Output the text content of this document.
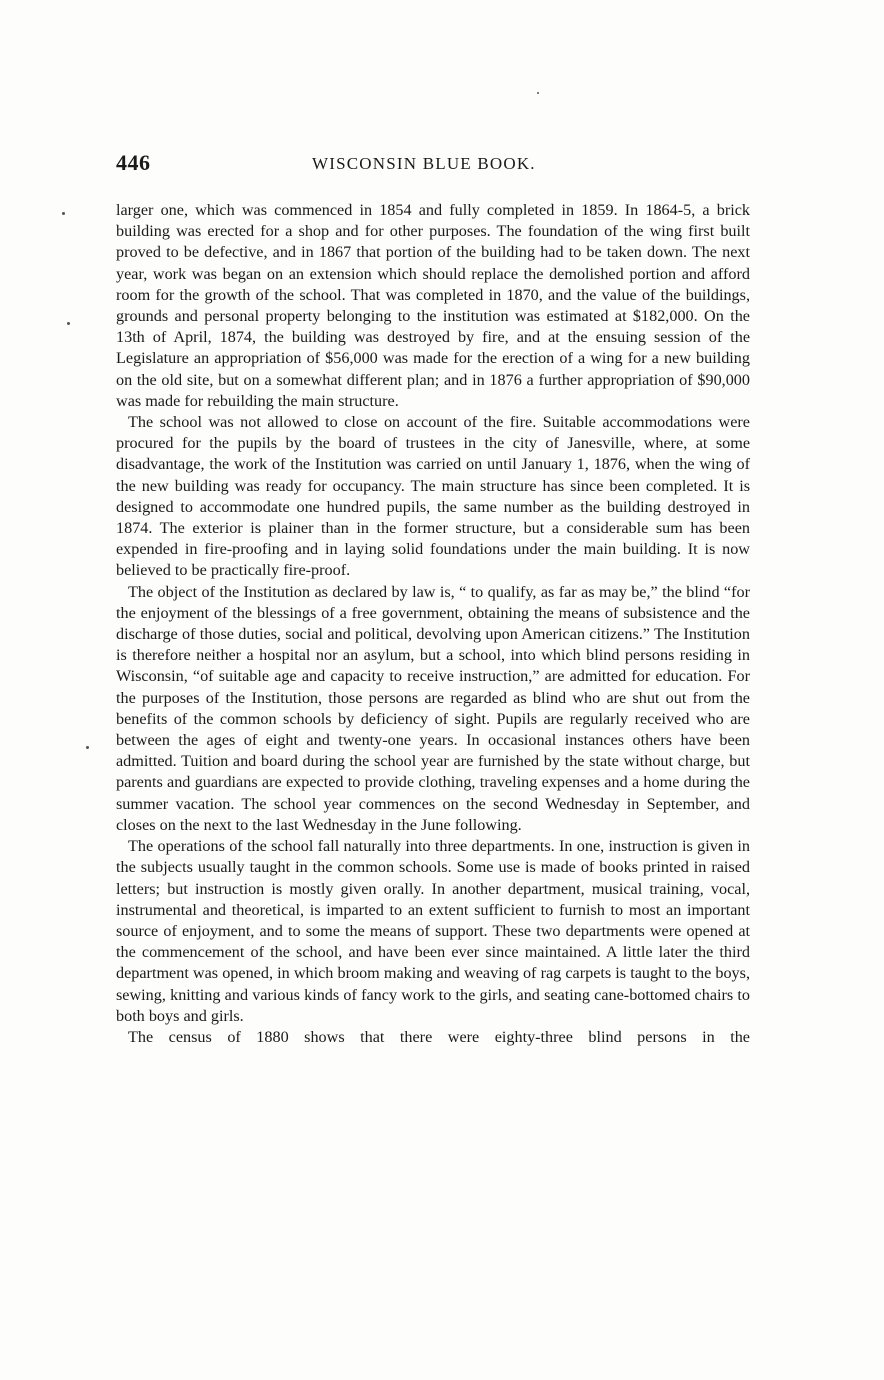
446	WISCONSIN BLUE BOOK.

larger one, which was commenced in 1854 and fully completed in 1859. In 1864-5, a brick building was erected for a shop and for other purposes. The foundation of the wing first built proved to be defective, and in 1867 that portion of the building had to be taken down. The next year, work was began on an extension which should replace the demolished portion and afford room for the growth of the school. That was completed in 1870, and the value of the buildings, grounds and personal property belonging to the institution was estimated at $182,000. On the 13th of April, 1874, the building was destroyed by fire, and at the ensuing session of the Legislature an appropriation of $56,000 was made for the erection of a wing for a new building on the old site, but on a somewhat different plan; and in 1876 a further appropriation of $90,000 was made for rebuilding the main structure.

The school was not allowed to close on account of the fire. Suitable accommodations were procured for the pupils by the board of trustees in the city of Janesville, where, at some disadvantage, the work of the Institution was carried on until January 1, 1876, when the wing of the new building was ready for occupancy. The main structure has since been completed. It is designed to accommodate one hundred pupils, the same number as the building destroyed in 1874. The exterior is plainer than in the former structure, but a considerable sum has been expended in fire-proofing and in laying solid foundations under the main building. It is now believed to be practically fire-proof.

The object of the Institution as declared by law is, “ to qualify, as far as may be,” the blind “for the enjoyment of the blessings of a free government, obtaining the means of subsistence and the discharge of those duties, social and political, devolving upon American citizens.” The Institution is therefore neither a hospital nor an asylum, but a school, into which blind persons residing in Wisconsin, “of suitable age and capacity to receive instruction,” are admitted for education. For the purposes of the Institution, those persons are regarded as blind who are shut out from the benefits of the common schools by deficiency of sight. Pupils are regularly received who are between the ages of eight and twenty-one years. In occasional instances others have been admitted. Tuition and board during the school year are furnished by the state without charge, but parents and guardians are expected to provide clothing, traveling expenses and a home during the summer vacation. The school year commences on the second Wednesday in September, and closes on the next to the last Wednesday in the June following.

The operations of the school fall naturally into three departments. In one, instruction is given in the subjects usually taught in the common schools. Some use is made of books printed in raised letters; but instruction is mostly given orally. In another department, musical training, vocal, instrumental and theoretical, is imparted to an extent sufficient to furnish to most an important source of enjoyment, and to some the means of support. These two departments were opened at the commencement of the school, and have been ever since maintained. A little later the third department was opened, in which broom making and weaving of rag carpets is taught to the boys, sewing, knitting and various kinds of fancy work to the girls, and seating cane-bottomed chairs to both boys and girls.

The census of 1880 shows that there were eighty-three blind persons in the
